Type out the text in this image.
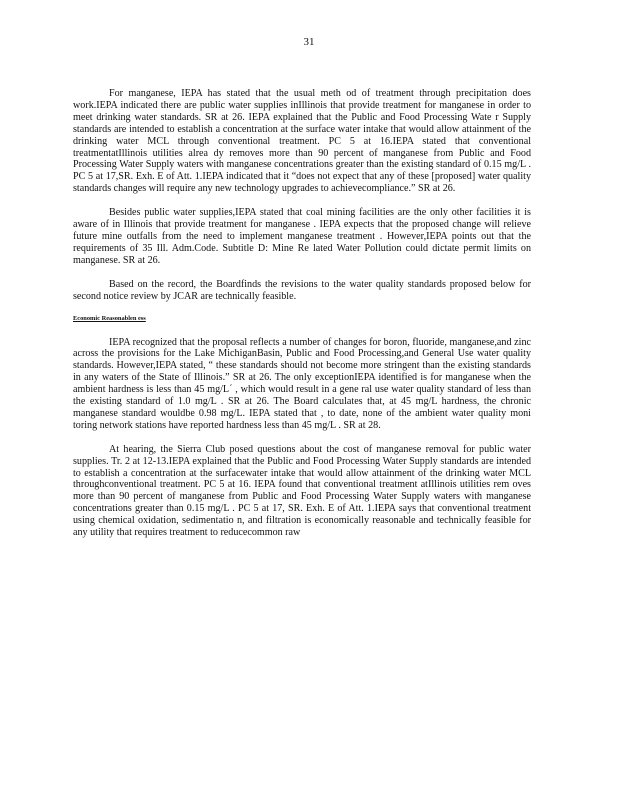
31

For manganese, IEPA has stated that the usual meth od of treatment through precipitation does work.IEPA indicated there are public water supplies inIllinois that provide treatment for manganese in order to meet drinking water standards. SR at 26. IEPA explained that the Public and Food Processing Wate r Supply standards are intended to establish a concentration at the surface water intake that would allow attainment of the drinking water MCL through conventional treatment. PC 5 at 16.IEPA stated that conventional treatmentatIllinois utilities alrea dy removes more than 90 percent of manganese from Public and Food Processing Water Supply waters with manganese concentrations greater than the existing standard of 0.15 mg/L . PC 5 at 17,SR. Exh. E of Att. 1.IEPA indicated that it “does not expect that any of these [proposed] water quality standards changes will require any new technology upgrades to achievecompliance.” SR at 26.

Besides public water supplies,IEPA stated that coal mining facilities are the only other facilities it is aware of in Illinois that provide treatment for manganese . IEPA expects that the proposed change will relieve future mine outfalls from the need to implement manganese treatment . However,IEPA points out that the requirements of 35 Ill. Adm.Code. Subtitle D: Mine Re lated Water Pollution could dictate permit limits on manganese. SR at 26.

Based on the record, the Boardfinds the revisions to the water quality standards proposed below for second notice review by JCAR are technically feasible.

Economic Reasonablen ess

IEPA recognized that the proposal reflects a number of changes for boron, fluoride, manganese,and zinc across the provisions for the Lake MichiganBasin, Public and Food Processing,and General Use water quality standards. However,IEPA stated, “ these standards should not become more stringent than the existing standards in any waters of the State of Illinois.” SR at 26. The only exceptionIEPA identified is for manganese when the ambient hardness is less than 45 mg/L´ , which would result in a gene ral use water quality standard of less than the existing standard of 1.0 mg/L . SR at 26. The Board calculates that, at 45 mg/L hardness, the chronic manganese standard wouldbe 0.98 mg/L. IEPA stated that , to date, none of the ambient water quality moni toring network stations have reported hardness less than 45 mg/L . SR at 28.

At hearing, the Sierra Club posed questions about the cost of manganese removal for public water supplies. Tr. 2 at 12-13.IEPA explained that the Public and Food Processing Water Supply standards are intended to establish a concentration at the surfacewater intake that would allow attainment of the drinking water MCL throughconventional treatment. PC 5 at 16. IEPA found that conventional treatment atIllinois utilities rem oves more than 90 percent of manganese from Public and Food Processing Water Supply waters with manganese concentrations greater than 0.15 mg/L . PC 5 at 17, SR. Exh. E of Att. 1.IEPA says that conventional treatment using chemical oxidation, sedimentatio n, and filtration is economically reasonable and technically feasible for any utility that requires treatment to reducecommon raw
